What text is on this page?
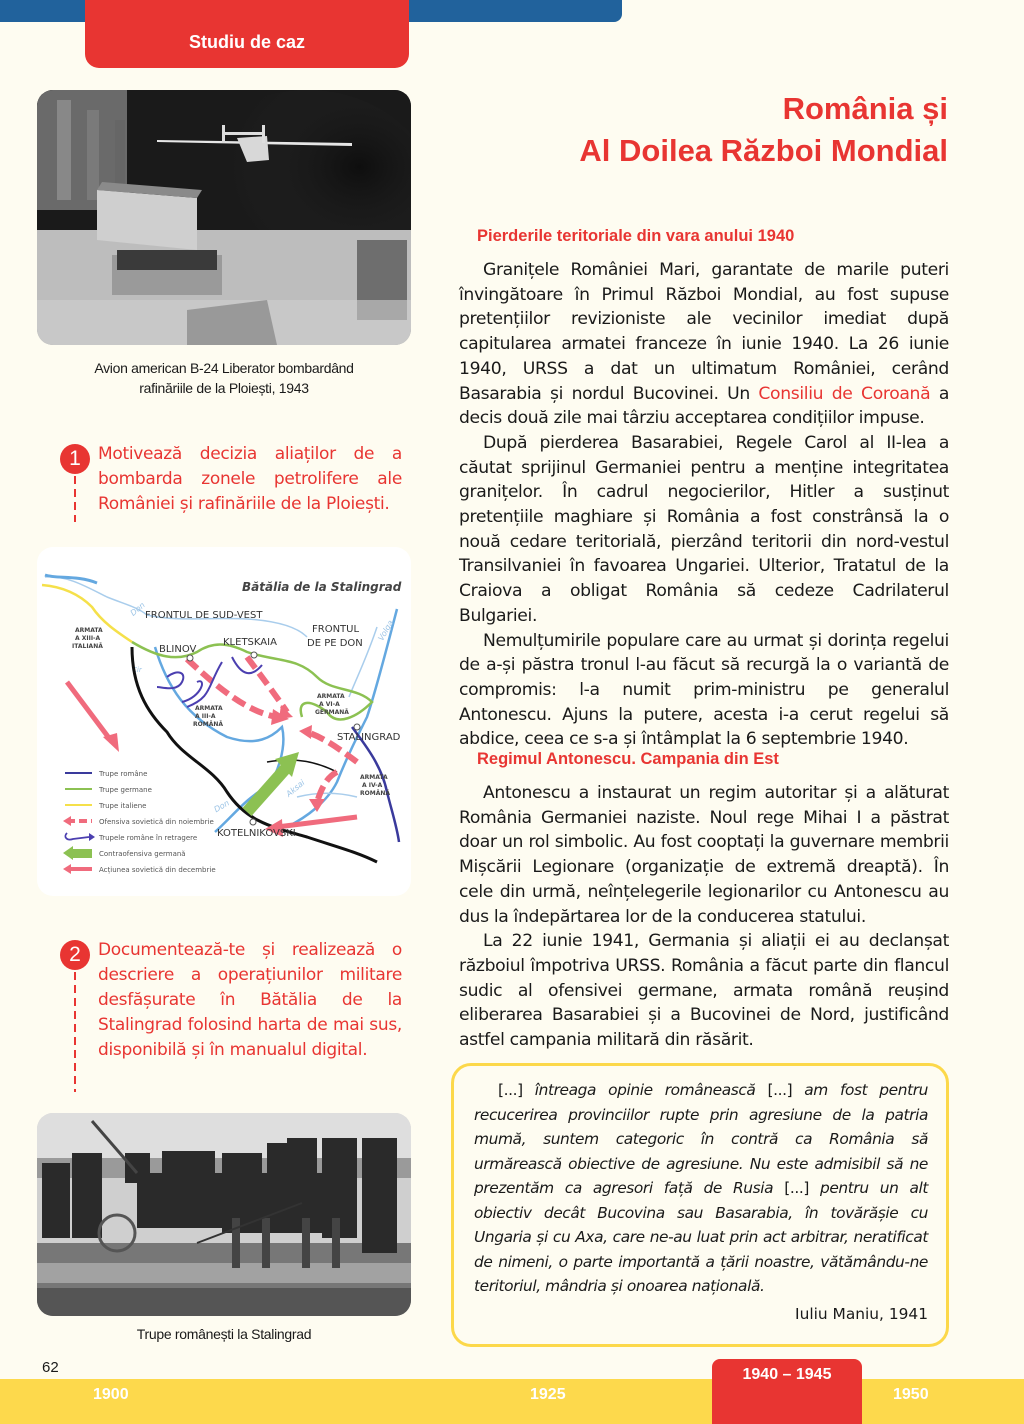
Studiu de caz
România și
Al Doilea Război Mondial
Avion american B-24 Liberator bombardând
rafinăriile de la Ploiești, 1943
1	Motivează decizia aliaților de a bombarda zonele petrolifere ale României și rafinăriile de la Ploiești.
Aksai
Don
Don
Volga
Cir
Bătălia de la Stalingrad
FRONTUL DE SUD-VEST
FRONTUL
DE PE DON
ARMATA
A XIII-A
ITALIANĂ	BLINOV
KLETSKAIA
ARMATA
A III-A
ROMÂNĂ
ARMATA
A VI-A
GERMANĂ
STALINGRAD
ARMATA
A IV-A
ROMÂNĂ
KOTELNIKOVSKI
Trupe române
Trupe germane
Trupe italiene
Ofensiva sovietică din noiembrie
Trupele române în retragere
Contraofensiva germană
Acțiunea sovietică din decembrie
2	Documentează-te și realizează o descriere a operațiunilor militare desfășurate în Bătălia de la Stalingrad folosind harta de mai sus, disponibilă și în manualul digital.
Trupe românești la Stalingrad
Pierderile teritoriale din vara anului 1940

Granițele României Mari, garantate de marile puteri învingătoare în Primul Război Mondial, au fost supuse pretențiilor revizioniste ale vecinilor imediat după capitularea armatei franceze în iunie 1940. La 26 iunie 1940, URSS a dat un ultimatum României, cerând Basarabia și nordul Bucovinei. Un Consiliu de Coroană a decis două zile mai târziu acceptarea condițiilor impuse.

După pierderea Basarabiei, Regele Carol al II-lea a căutat sprijinul Germaniei pentru a menține integritatea granițelor. În cadrul negocierilor, Hitler a susținut pretențiile maghiare și România a fost constrânsă la o nouă cedare teritorială, pierzând teritorii din nord-vestul Transilvaniei în favoarea Ungariei. Ulterior, Tratatul de la Craiova a obligat România să cedeze Cadrilaterul Bulgariei.

Nemulțumirile populare care au urmat și dorința regelui de a-și păstra tronul l-au făcut să recurgă la o variantă de compromis: l-a numit prim-ministru pe generalul Antonescu. Ajuns la putere, acesta i-a cerut regelui să abdice, ceea ce s-a și întâmplat la 6 septembrie 1940.

Regimul Antonescu. Campania din Est

Antonescu a instaurat un regim autoritar și a alăturat România Germaniei naziste. Noul rege Mihai I a păstrat doar un rol simbolic. Au fost cooptați la guvernare membrii Mișcării Legionare (organizație de extremă dreaptă). În cele din urmă, neînțelegerile legionarilor cu Antonescu au dus la îndepărtarea lor de la conducerea statului.

La 22 iunie 1941, Germania și aliații ei au declanșat războiul împotriva URSS. România a făcut parte din flancul sudic al ofensivei germane, armata română reușind eliberarea Basarabiei și a Bucovinei de Nord, justificând astfel campania militară din răsărit.

[...] întreaga opinie românească [...] am fost pentru recucerirea provinciilor rupte prin agresiune de la patria mumă, suntem categoric în contră ca România să urmărească obiective de agresiune. Nu este admisibil să ne prezentăm ca agresori față de Rusia [...] pentru un alt obiectiv decât Bucovina sau Basarabia, în tovărășie cu Ungaria și cu Axa, care ne-au luat prin act arbitrar, neratificat de nimeni, o parte importantă a țării noastre, vătămându-ne teritoriul, mândria și onoarea națională.

Iuliu Maniu, 1941
62
1900	1925	1950
1940 – 1945
